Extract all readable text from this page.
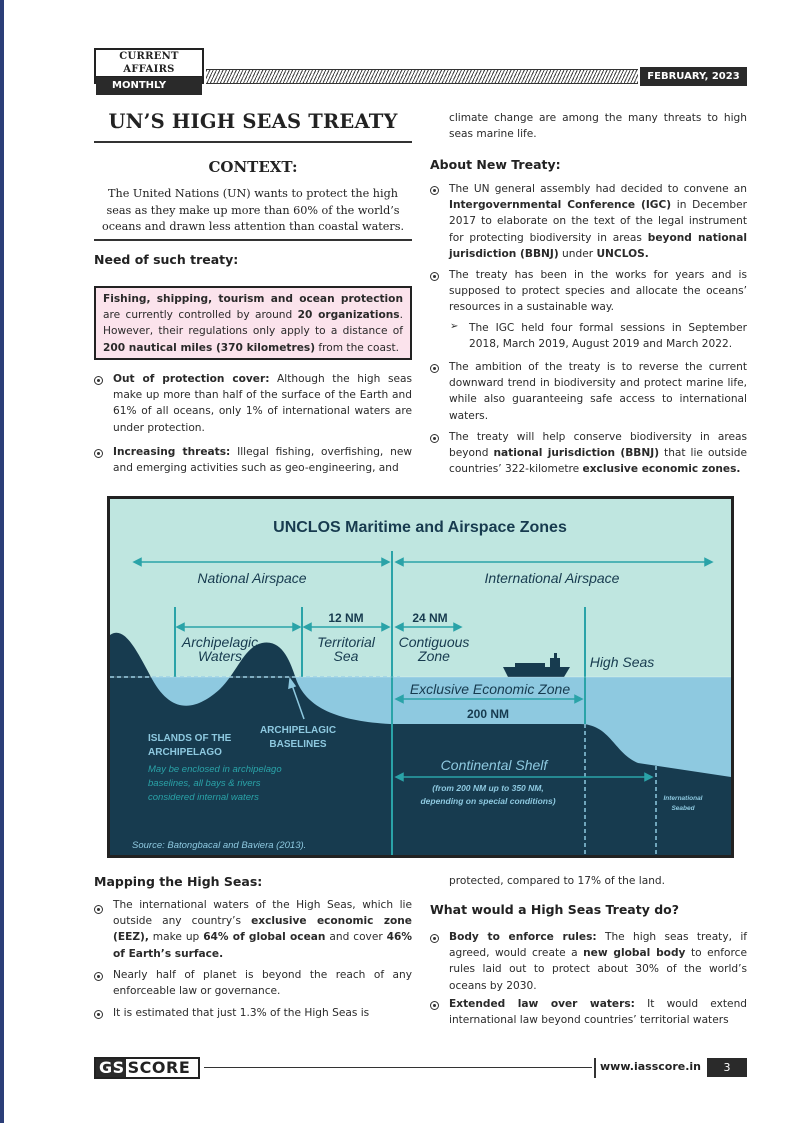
CURRENT AFFAIRS
MONTHLY
FEBRUARY, 2023
UN’S HIGH SEAS TREATY
CONTEXT:
The United Nations (UN) wants to protect the high seas as they make up more than 60% of the world’s oceans and drawn less attention than coastal waters.
Need of such treaty:
Fishing, shipping, tourism and ocean protection are currently controlled by around 20 organizations. However, their regulations only apply to a distance of 200 nautical miles (370 kilometres) from the coast.
Out of protection cover: Although the high seas make up more than half of the surface of the Earth and 61% of all oceans, only 1% of international waters are under protection.
Increasing threats: Illegal fishing, overfishing, new and emerging activities such as geo-engineering, and
climate change are among the many threats to high seas marine life.
About New Treaty:
The UN general assembly had decided to convene an Intergovernmental Conference (IGC) in December 2017 to elaborate on the text of the legal instrument for protecting biodiversity in areas beyond national jurisdiction (BBNJ) under UNCLOS.
The treaty has been in the works for years and is supposed to protect species and allocate the oceans’ resources in a sustainable way.
➢ The IGC held four formal sessions in September 2018, March 2019, August 2019 and March 2022.
The ambition of the treaty is to reverse the current downward trend in biodiversity and protect marine life, while also guaranteeing safe access to international waters.
The treaty will help conserve biodiversity in areas beyond national jurisdiction (BBNJ) that lie outside countries’ 322-kilometre exclusive economic zones.
UNCLOS Maritime and Airspace Zones
National Airspace	International Airspace
12 NM	24 NM
Archipelagic
Waters
Territorial
Sea
Contiguous
Zone	High Seas
Exclusive Economic Zone
200 NM
ISLANDS OF THE
ARCHIPELAGO
ARCHIPELAGIC
BASELINES
May be enclosed in archipelago
baselines, all bays & rivers
considered internal waters
Continental Shelf
(from 200 NM up to 350 NM,
depending on special conditions)	International
Seabed
Source: Batongbacal and Baviera (2013).
Mapping the High Seas:
The international waters of the High Seas, which lie outside any country’s exclusive economic zone (EEZ), make up 64% of global ocean and cover 46% of Earth’s surface.
Nearly half of planet is beyond the reach of any enforceable law or governance.
It is estimated that just 1.3% of the High Seas is
protected, compared to 17% of the land.
What would a High Seas Treaty do?
Body to enforce rules: The high seas treaty, if agreed, would create a new global body to enforce rules laid out to protect about 30% of the world’s oceans by 2030.
Extended law over waters: It would extend international law beyond countries’ territorial waters
GS SCORE	www.iasscore.in	3
